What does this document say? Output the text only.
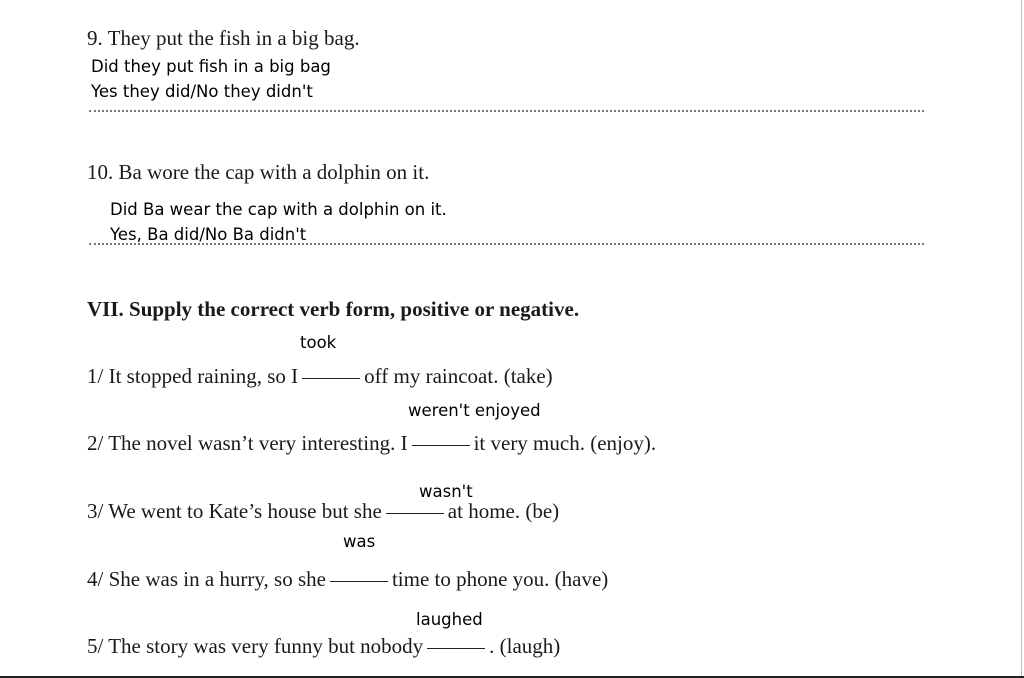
9. They put the fish in a big bag.
Did they put fish in a big bag
Yes they did/No they didn't
10. Ba wore the cap with a dolphin on it.
Did Ba wear the cap with a dolphin on it.
Yes, Ba did/No Ba didn't
VII. Supply the correct verb form, positive or negative.
took
1/ It stopped raining, so I	off my raincoat. (take)
weren't enjoyed
2/ The novel wasn’t very interesting. I	it very much. (enjoy).
wasn't
3/ We went to Kate’s house but she	at home. (be)
was
4/ She was in a hurry, so she	time to phone you. (have)
laughed
5/ The story was very funny but nobody	. (laugh)
